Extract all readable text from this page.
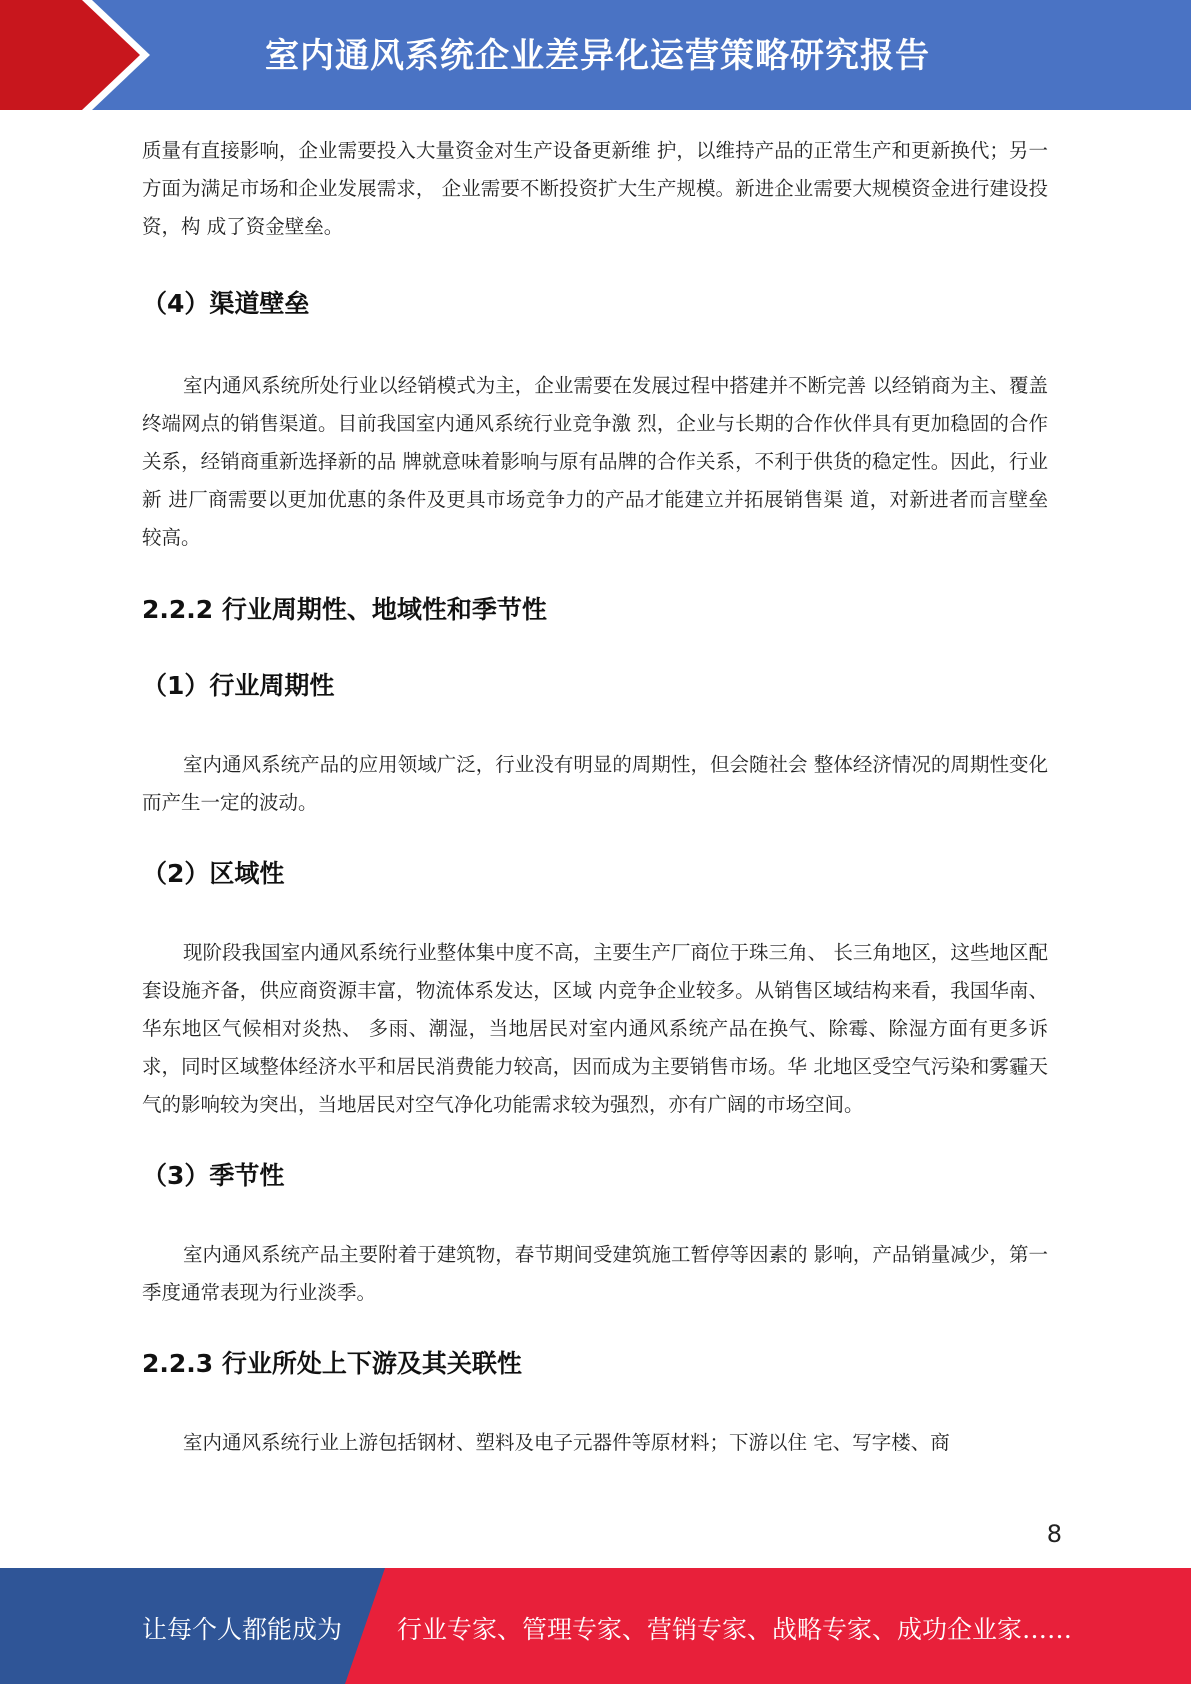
室内通风系统企业差异化运营策略研究报告

质量有直接影响，企业需要投入大量资金对生产设备更新维 护，以维持产品的正常生产和更新换代；另一方面为满足市场和企业发展需求， 企业需要不断投资扩大生产规模。新进企业需要大规模资金进行建设投资，构 成了资金壁垒。

（4）渠道壁垒

室内通风系统所处行业以经销模式为主，企业需要在发展过程中搭建并不断完善 以经销商为主、覆盖终端网点的销售渠道。目前我国室内通风系统行业竞争激 烈，企业与长期的合作伙伴具有更加稳固的合作关系，经销商重新选择新的品 牌就意味着影响与原有品牌的合作关系，不利于供货的稳定性。因此，行业新 进厂商需要以更加优惠的条件及更具市场竞争力的产品才能建立并拓展销售渠 道，对新进者而言壁垒较高。

2.2.2 行业周期性、地域性和季节性
（1）行业周期性

室内通风系统产品的应用领域广泛，行业没有明显的周期性，但会随社会 整体经济情况的周期性变化而产生一定的波动。

（2）区域性

现阶段我国室内通风系统行业整体集中度不高，主要生产厂商位于珠三角、 长三角地区，这些地区配套设施齐备，供应商资源丰富，物流体系发达，区域 内竞争企业较多。从销售区域结构来看，我国华南、华东地区气候相对炎热、 多雨、潮湿，当地居民对室内通风系统产品在换气、除霉、除湿方面有更多诉 求，同时区域整体经济水平和居民消费能力较高，因而成为主要销售市场。华 北地区受空气污染和雾霾天气的影响较为突出，当地居民对空气净化功能需求较为强烈，亦有广阔的市场空间。

（3）季节性

室内通风系统产品主要附着于建筑物，春节期间受建筑施工暂停等因素的 影响，产品销量减少，第一季度通常表现为行业淡季。

2.2.3 行业所处上下游及其关联性

室内通风系统行业上游包括钢材、塑料及电子元器件等原材料；下游以住 宅、写字楼、商

8
让每个人都能成为 行业专家、管理专家、营销专家、战略专家、成功企业家……
